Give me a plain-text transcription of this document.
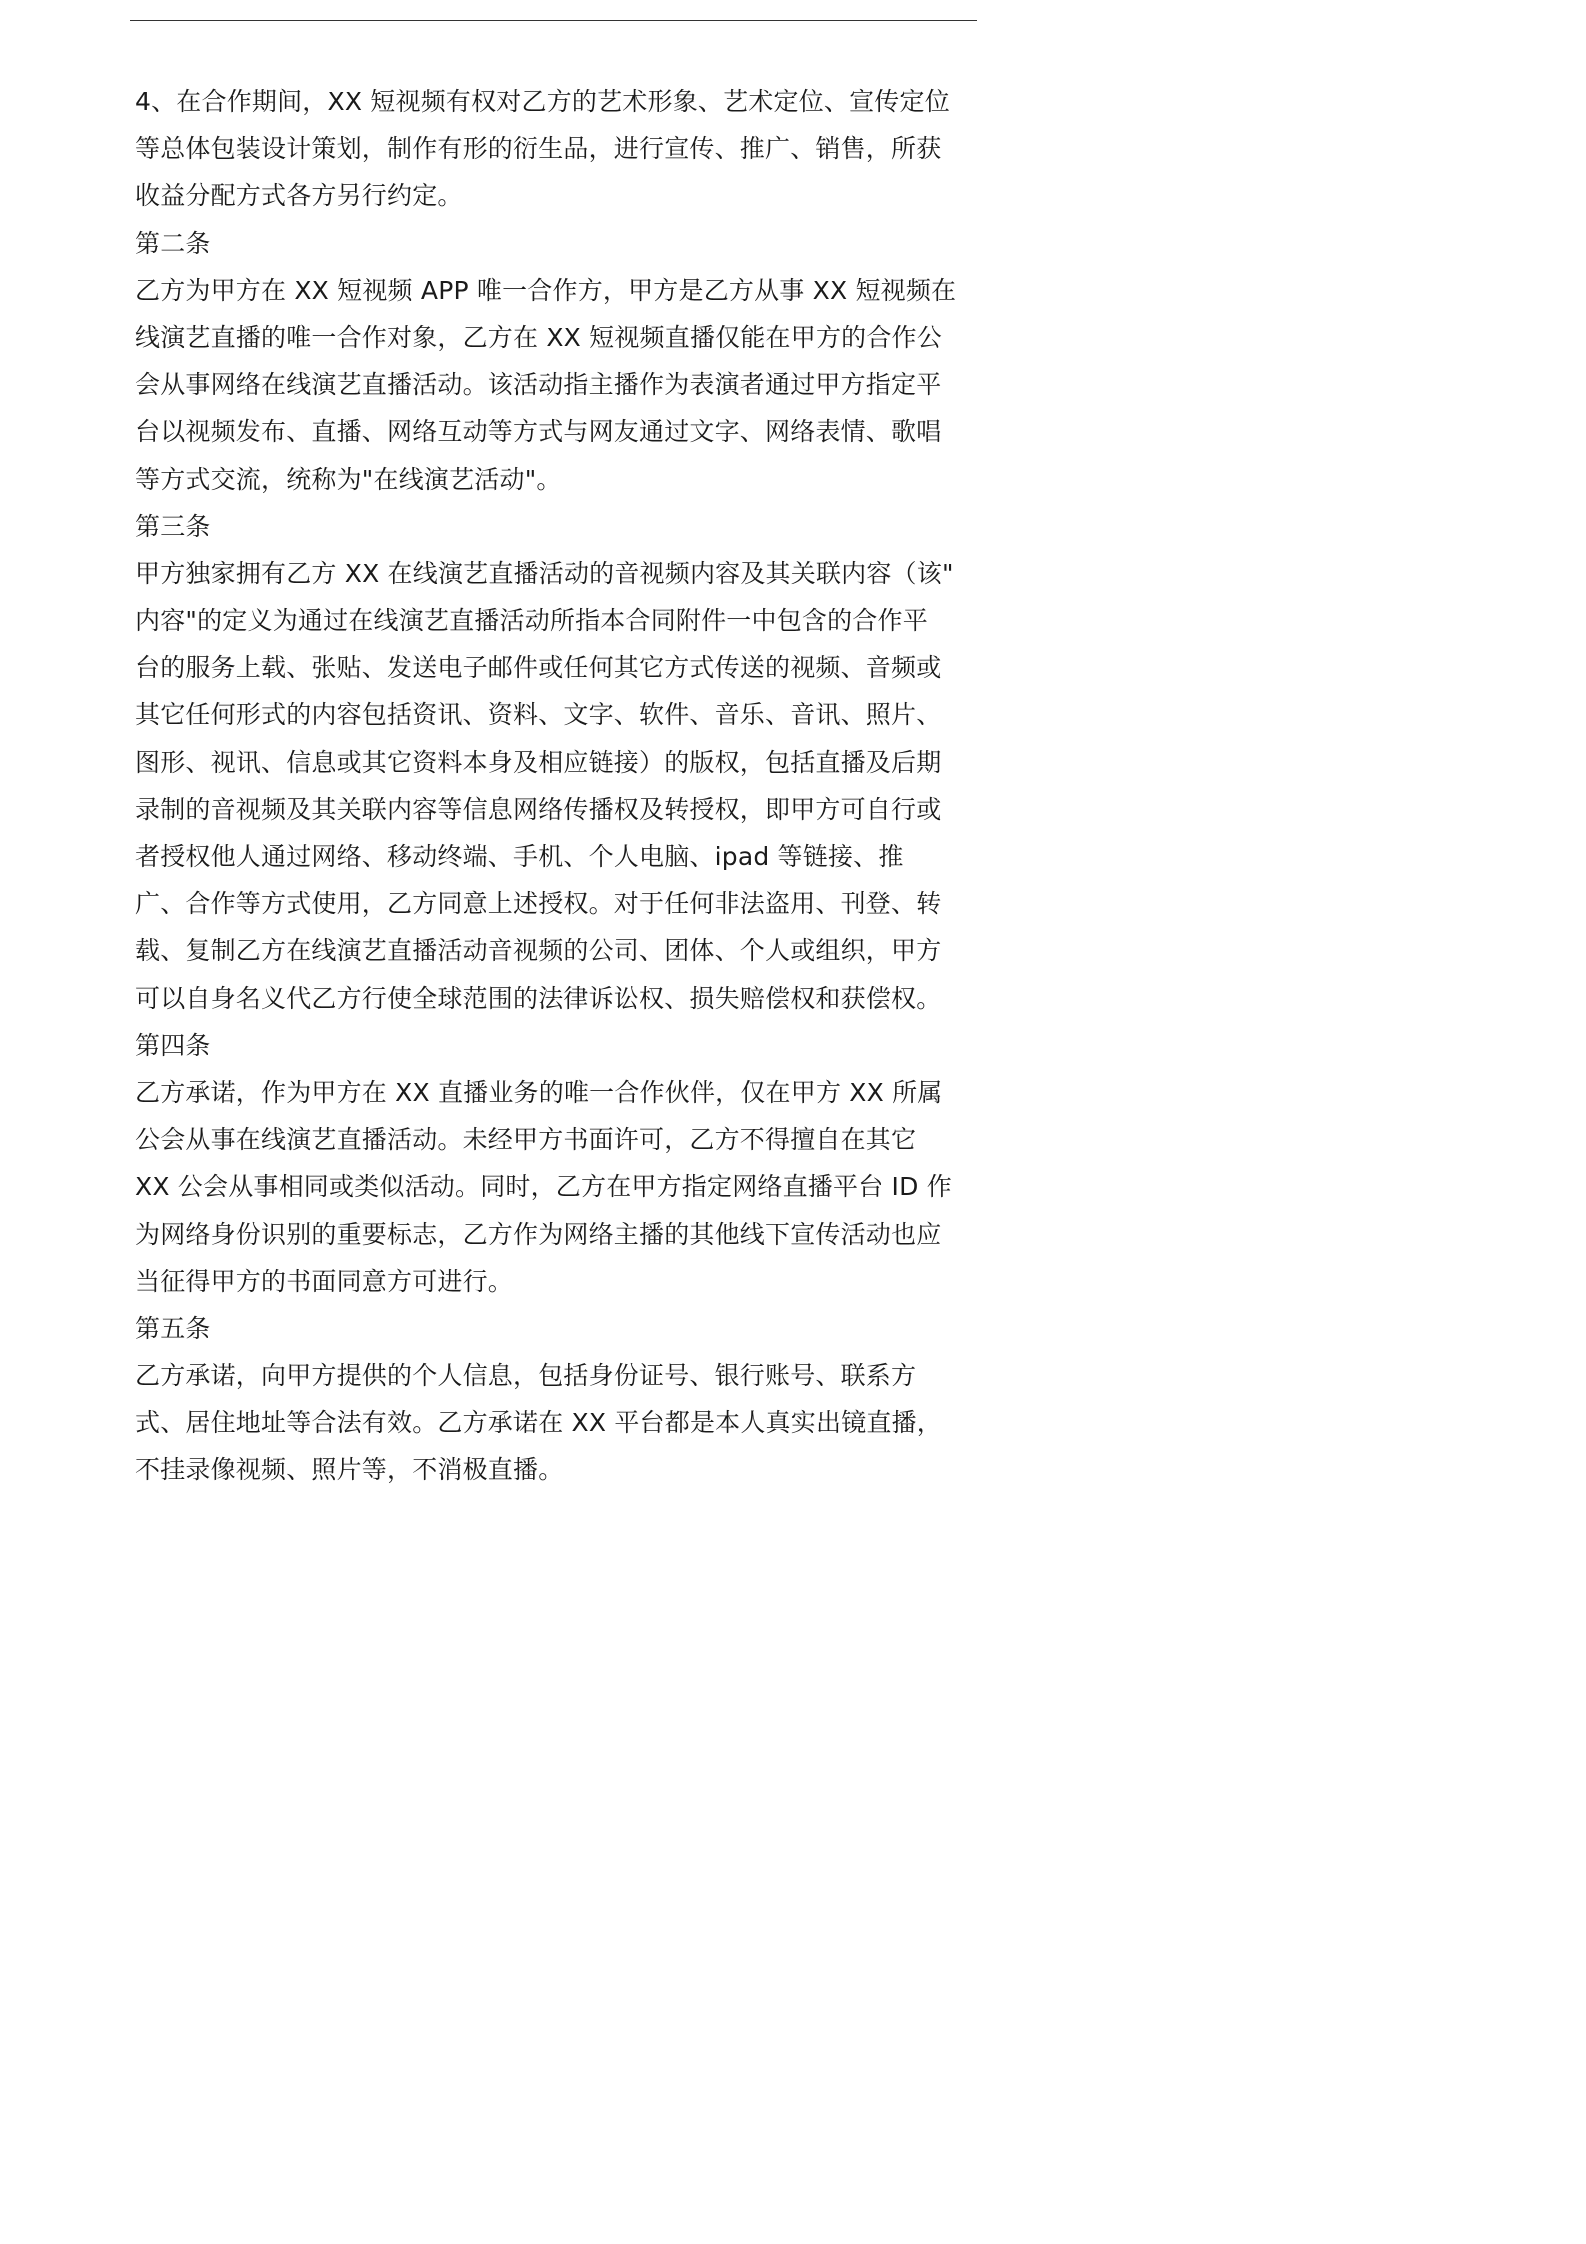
4、在合作期间，XX 短视频有权对乙方的艺术形象、艺术定位、宣传定位
等总体包装设计策划，制作有形的衍生品，进行宣传、推广、销售，所获
收益分配方式各方另行约定。
第二条
乙方为甲方在 XX 短视频 APP 唯一合作方，甲方是乙方从事 XX 短视频在
线演艺直播的唯一合作对象，乙方在 XX 短视频直播仅能在甲方的合作公
会从事网络在线演艺直播活动。该活动指主播作为表演者通过甲方指定平
台以视频发布、直播、网络互动等方式与网友通过文字、网络表情、歌唱
等方式交流，统称为"在线演艺活动"。
第三条
甲方独家拥有乙方 XX 在线演艺直播活动的音视频内容及其关联内容（该"
内容"的定义为通过在线演艺直播活动所指本合同附件一中包含的合作平
台的服务上载、张贴、发送电子邮件或任何其它方式传送的视频、音频或
其它任何形式的内容包括资讯、资料、文字、软件、音乐、音讯、照片、
图形、视讯、信息或其它资料本身及相应链接）的版权，包括直播及后期
录制的音视频及其关联内容等信息网络传播权及转授权，即甲方可自行或
者授权他人通过网络、移动终端、手机、个人电脑、ipad 等链接、推
广、合作等方式使用，乙方同意上述授权。对于任何非法盗用、刊登、转
载、复制乙方在线演艺直播活动音视频的公司、团体、个人或组织，甲方
可以自身名义代乙方行使全球范围的法律诉讼权、损失赔偿权和获偿权。
第四条
乙方承诺，作为甲方在 XX 直播业务的唯一合作伙伴，仅在甲方 XX 所属
公会从事在线演艺直播活动。未经甲方书面许可，乙方不得擅自在其它
XX 公会从事相同或类似活动。同时，乙方在甲方指定网络直播平台 ID 作
为网络身份识别的重要标志，乙方作为网络主播的其他线下宣传活动也应
当征得甲方的书面同意方可进行。
第五条
乙方承诺，向甲方提供的个人信息，包括身份证号、银行账号、联系方
式、居住地址等合法有效。乙方承诺在 XX 平台都是本人真实出镜直播，
不挂录像视频、照片等，不消极直播。
